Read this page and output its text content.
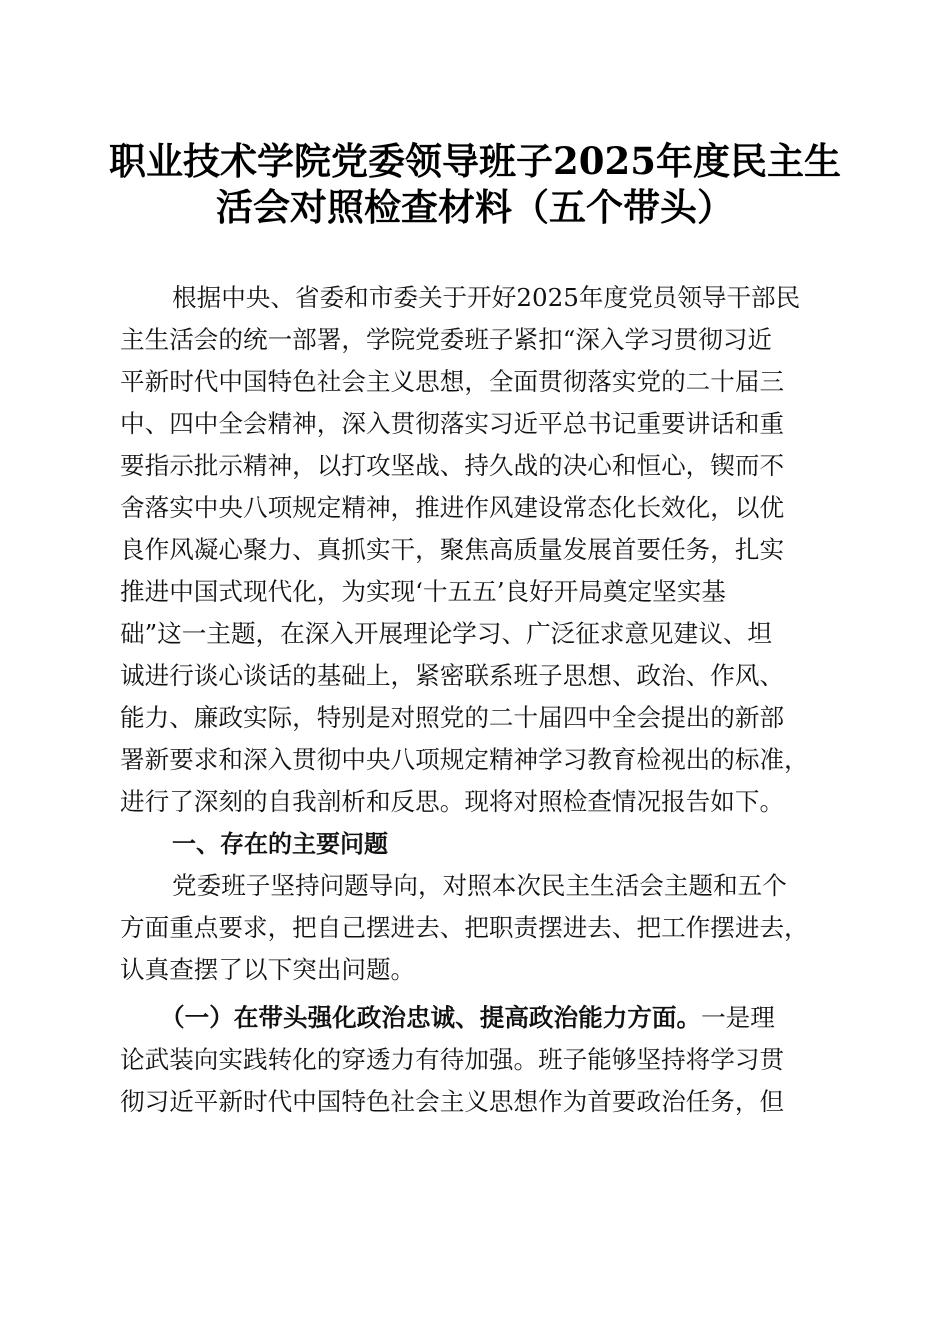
职业技术学院党委领导班子2025年度民主生
活会对照检查材料（五个带头）
根据中央、省委和市委关于开好2025年度党员领导干部民
主生活会的统一部署，学院党委班子紧扣“深入学习贯彻习近
平新时代中国特色社会主义思想，全面贯彻落实党的二十届三
中、四中全会精神，深入贯彻落实习近平总书记重要讲话和重
要指示批示精神，以打攻坚战、持久战的决心和恒心，锲而不
舍落实中央八项规定精神，推进作风建设常态化长效化，以优
良作风凝心聚力、真抓实干，聚焦高质量发展首要任务，扎实
推进中国式现代化，为实现‘十五五’良好开局奠定坚实基
础”这一主题，在深入开展理论学习、广泛征求意见建议、坦
诚进行谈心谈话的基础上，紧密联系班子思想、政治、作风、
能力、廉政实际，特别是对照党的二十届四中全会提出的新部
署新要求和深入贯彻中央八项规定精神学习教育检视出的标准，
进行了深刻的自我剖析和反思。现将对照检查情况报告如下。
一、存在的主要问题
党委班子坚持问题导向，对照本次民主生活会主题和五个
方面重点要求，把自己摆进去、把职责摆进去、把工作摆进去，
认真查摆了以下突出问题。
（一）在带头强化政治忠诚、提高政治能力方面。一是理
论武装向实践转化的穿透力有待加强。班子能够坚持将学习贯
彻习近平新时代中国特色社会主义思想作为首要政治任务，但
